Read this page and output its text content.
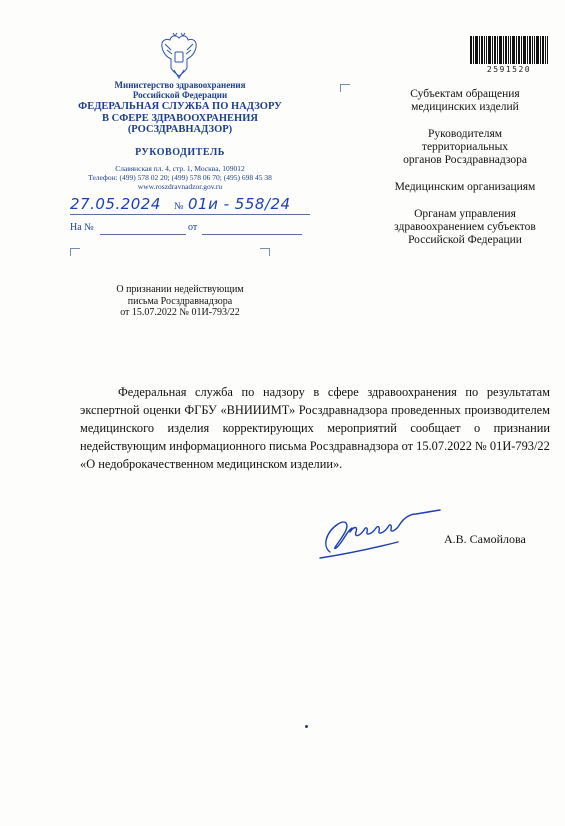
Министерство здравоохранения
Российской Федерации
ФЕДЕРАЛЬНАЯ СЛУЖБА ПО НАДЗОРУ
В СФЕРЕ ЗДРАВООХРАНЕНИЯ
(РОСЗДРАВНАДЗОР)
РУКОВОДИТЕЛЬ
Славянская пл. 4, стр. 1, Москва, 109012
Телефон: (499) 578 02 20; (499) 578 06 70; (495) 698 45 38
www.roszdravnadzor.gov.ru
27.05.2024 № 01и - 558/24
На №	от
О признании недействующим
письма Росздравнадзора
от 15.07.2022 № 01И-793/22
2591520
Субъектам обращения
медицинских изделий
Руководителям
территориальных
органов Росздравнадзора
Медицинским организациям
Органам управления
здравоохранением субъектов
Российской Федерации

Федеральная служба по надзору в сфере здравоохранения по результатам экспертной оценки ФГБУ «ВНИИИМТ» Росздравнадзора проведенных производителем медицинского изделия корректирующих мероприятий сообщает о признании недействующим информационного письма Росздравнадзора от 15.07.2022 № 01И-793/22

«О недоброкачественном медицинском изделии».
А.В. Самойлова
